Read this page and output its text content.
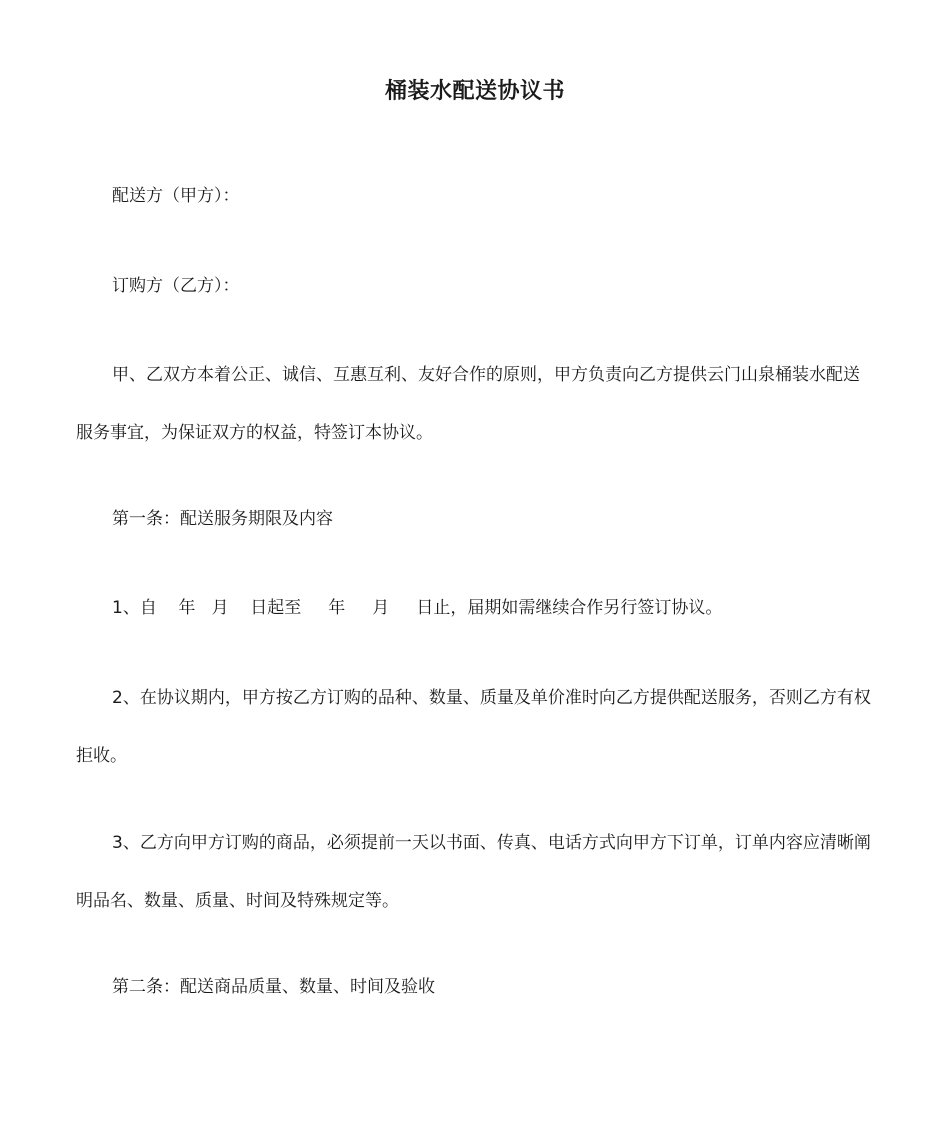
桶装水配送协议书

配送方（甲方）：

订购方（乙方）：

甲、乙双方本着公正、诚信、互惠互利、友好合作的原则，甲方负责向乙方提供云门山泉桶装水配送服务事宜，为保证双方的权益，特签订本协议。

第一条：配送服务期限及内容

1、自    年   月    日起至     年     月     日止，届期如需继续合作另行签订协议。

2、在协议期内，甲方按乙方订购的品种、数量、质量及单价准时向乙方提供配送服务，否则乙方有权拒收。

3、乙方向甲方订购的商品，必须提前一天以书面、传真、电话方式向甲方下订单，订单内容应清晰阐明品名、数量、质量、时间及特殊规定等。

第二条：配送商品质量、数量、时间及验收
